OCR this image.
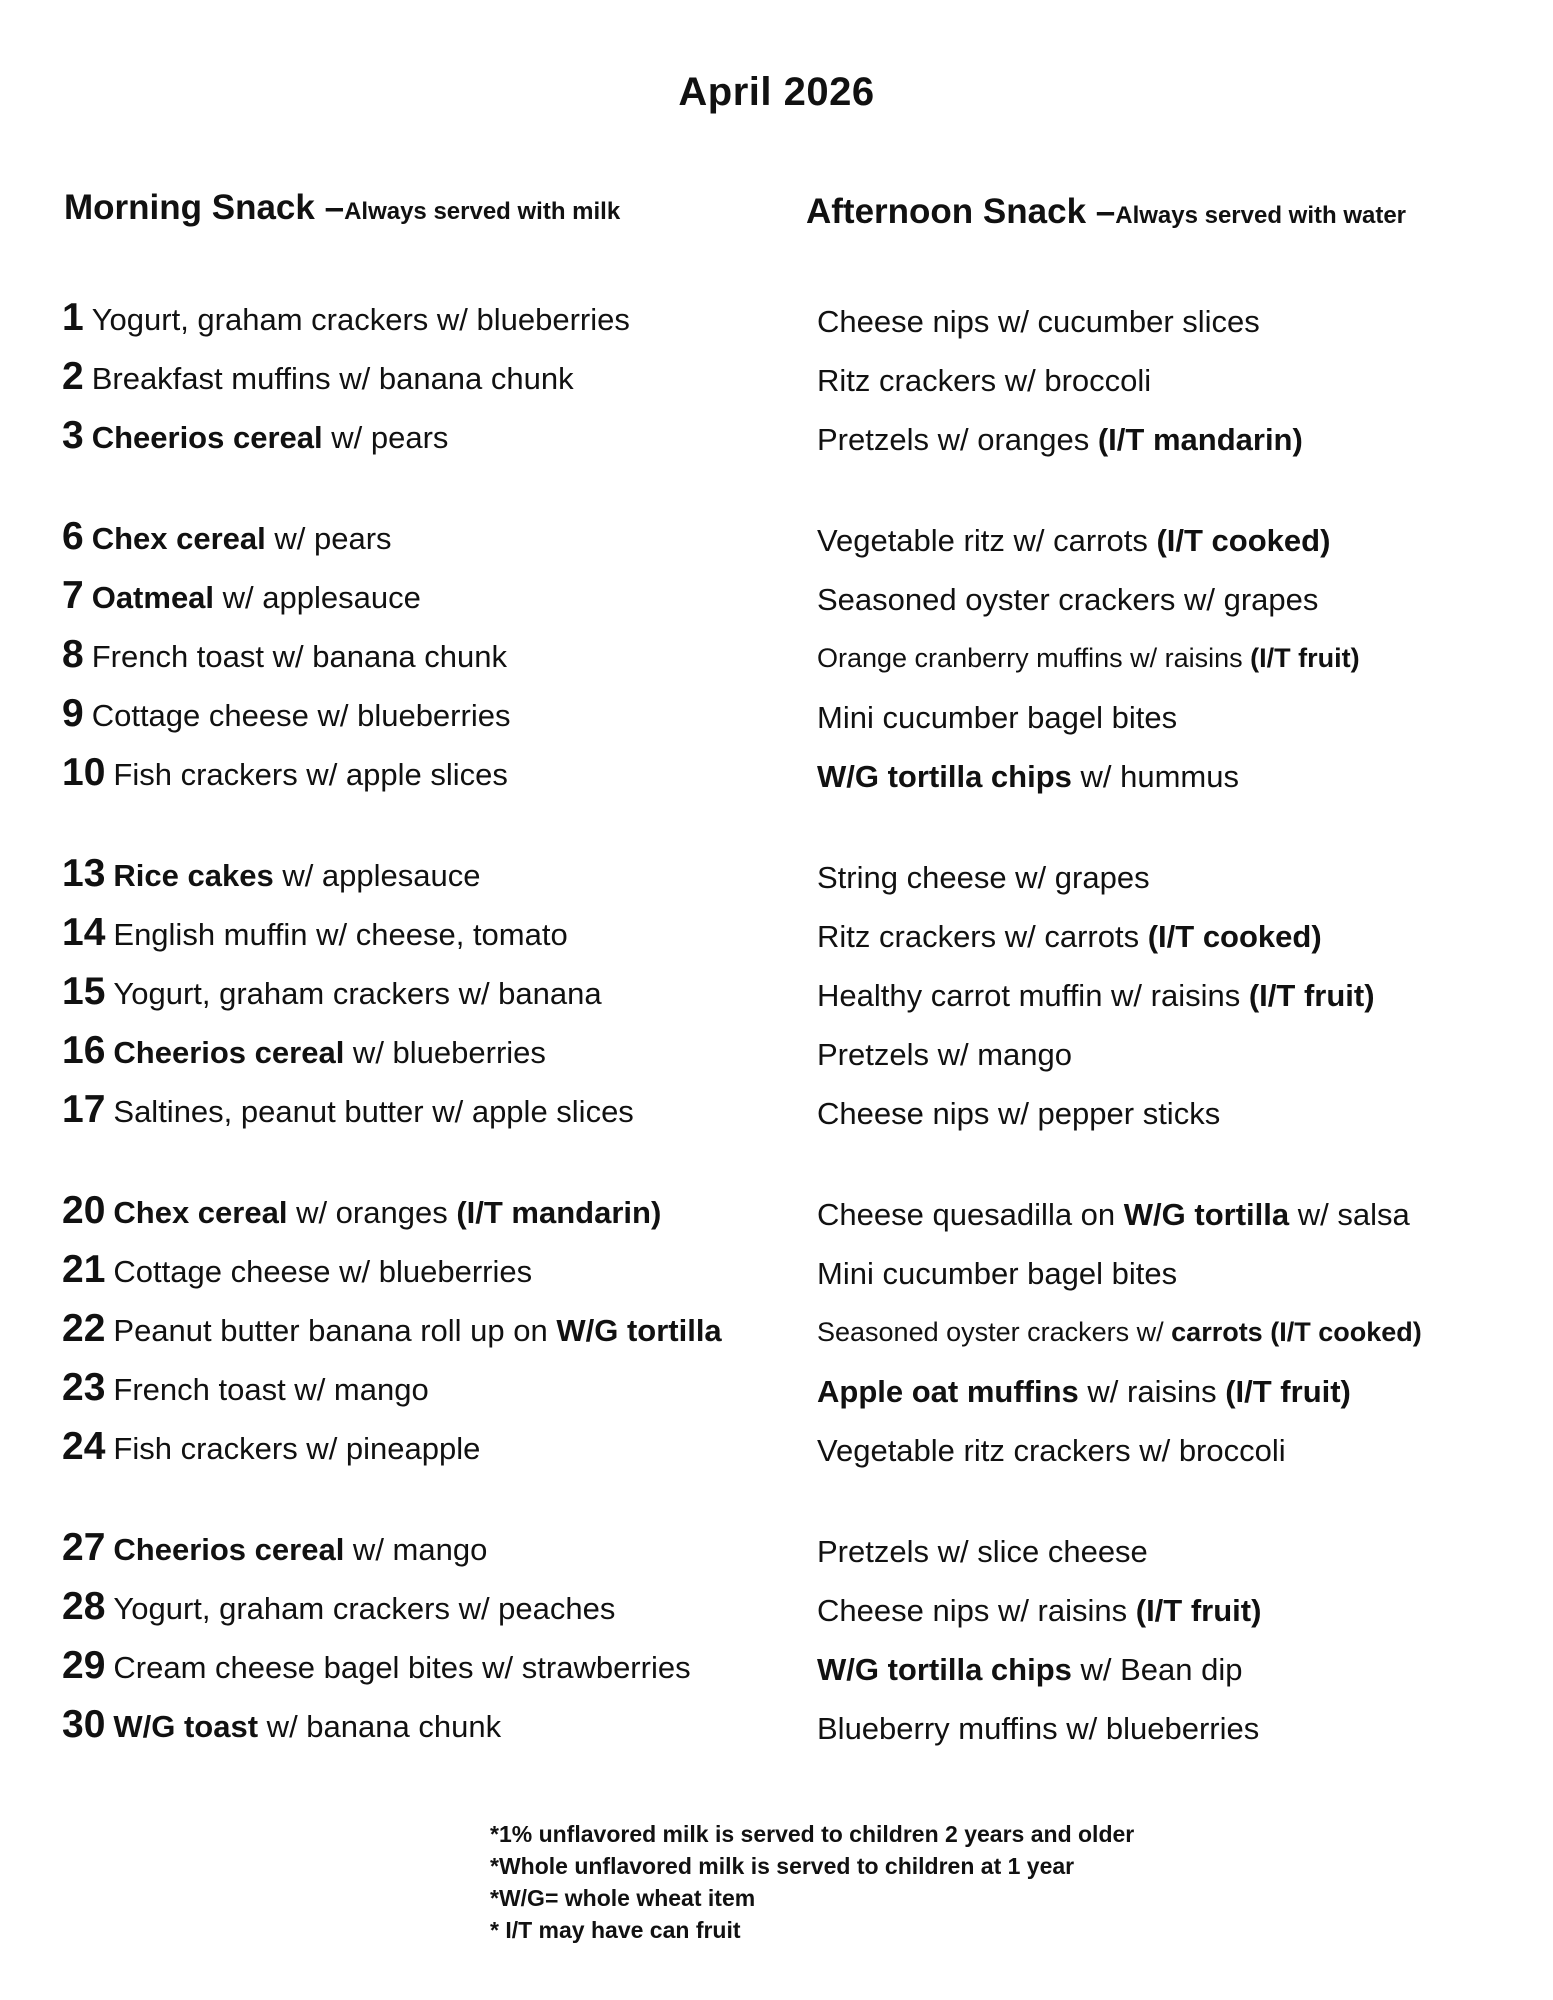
April 2026
Morning Snack –Always served with milk	Afternoon Snack –Always served with water
1 Yogurt, graham crackers w/ blueberries
2 Breakfast muffins w/ banana chunk
3 Cheerios cereal w/ pears
6 Chex cereal w/ pears
7 Oatmeal w/ applesauce
8 French toast w/ banana chunk
9 Cottage cheese w/ blueberries
10 Fish crackers w/ apple slices
13 Rice cakes w/ applesauce
14 English muffin w/ cheese, tomato
15 Yogurt, graham crackers w/ banana
16 Cheerios cereal w/ blueberries
17 Saltines, peanut butter w/ apple slices
20 Chex cereal w/ oranges (I/T mandarin)
21 Cottage cheese w/ blueberries
22 Peanut butter banana roll up on W/G tortilla
23 French toast w/ mango
24 Fish crackers w/ pineapple
27 Cheerios cereal w/ mango
28 Yogurt, graham crackers w/ peaches
29 Cream cheese bagel bites w/ strawberries
30 W/G toast w/ banana chunk
Cheese nips w/ cucumber slices
Ritz crackers w/ broccoli
Pretzels w/ oranges (I/T mandarin)
Vegetable ritz w/ carrots (I/T cooked)
Seasoned oyster crackers w/ grapes
Orange cranberry muffins w/ raisins (I/T fruit)
Mini cucumber bagel bites
W/G tortilla chips w/ hummus
String cheese w/ grapes
Ritz crackers w/ carrots (I/T cooked)
Healthy carrot muffin w/ raisins (I/T fruit)
Pretzels w/ mango
Cheese nips w/ pepper sticks
Cheese quesadilla on W/G tortilla w/ salsa
Mini cucumber bagel bites
Seasoned oyster crackers w/ carrots (I/T cooked)
Apple oat muffins w/ raisins (I/T fruit)
Vegetable ritz crackers w/ broccoli
Pretzels w/ slice cheese
Cheese nips w/ raisins (I/T fruit)
W/G tortilla chips w/ Bean dip
Blueberry muffins w/ blueberries
*1% unflavored milk is served to children 2 years and older
*Whole unflavored milk is served to children at 1 year
*W/G= whole wheat item
* I/T may have can fruit
